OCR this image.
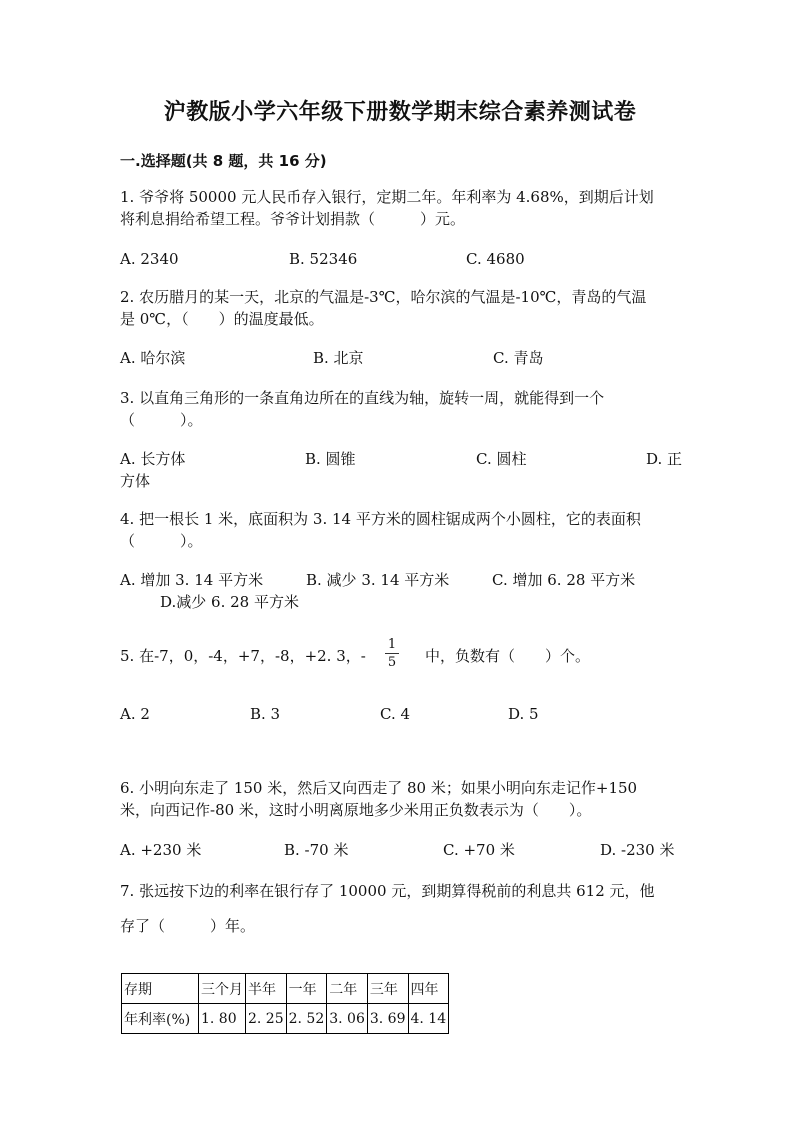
沪教版小学六年级下册数学期末综合素养测试卷
一.选择题(共 8 题，共 16 分)
1. 爷爷将 50000 元人民币存入银行，定期二年。年利率为 4.68%，到期后计划
将利息捐给希望工程。爷爷计划捐款（　　　）元。
A. 2340	B. 52346	C. 4680
2. 农历腊月的某一天，北京的气温是-3℃，哈尔滨的气温是-10℃，青岛的气温
是 0℃，（　　）的温度最低。
A. 哈尔滨	B. 北京	C. 青岛
3. 以直角三角形的一条直角边所在的直线为轴，旋转一周，就能得到一个
（　　　）。
A. 长方体	B. 圆锥	C. 圆柱	D. 正
方体
4. 把一根长 1 米，底面积为 3. 14 平方米的圆柱锯成两个小圆柱，它的表面积
（　　　）。
A. 增加 3. 14 平方米	B. 减少 3. 14 平方米	C. 增加 6. 28 平方米
D.减少 6. 28 平方米
5. 在-7，0，-4，+7，-8，+2. 3，-
1
5 中，负数有（　　）个。
A. 2	B. 3	C. 4	D. 5
6. 小明向东走了 150 米，然后又向西走了 80 米；如果小明向东走记作+150
米，向西记作-80 米，这时小明离原地多少米用正负数表示为（　　）。
A. +230 米	B. -70 米	C. +70 米	D. -230 米
7. 张远按下边的利率在银行存了 10000 元，到期算得税前的利息共 612 元，他
存了（　　　）年。
存期	三个月	半年	一年	二年	三年	四年
年利率(%)	1. 80	2. 25	2. 52	3. 06	3. 69	4. 14
